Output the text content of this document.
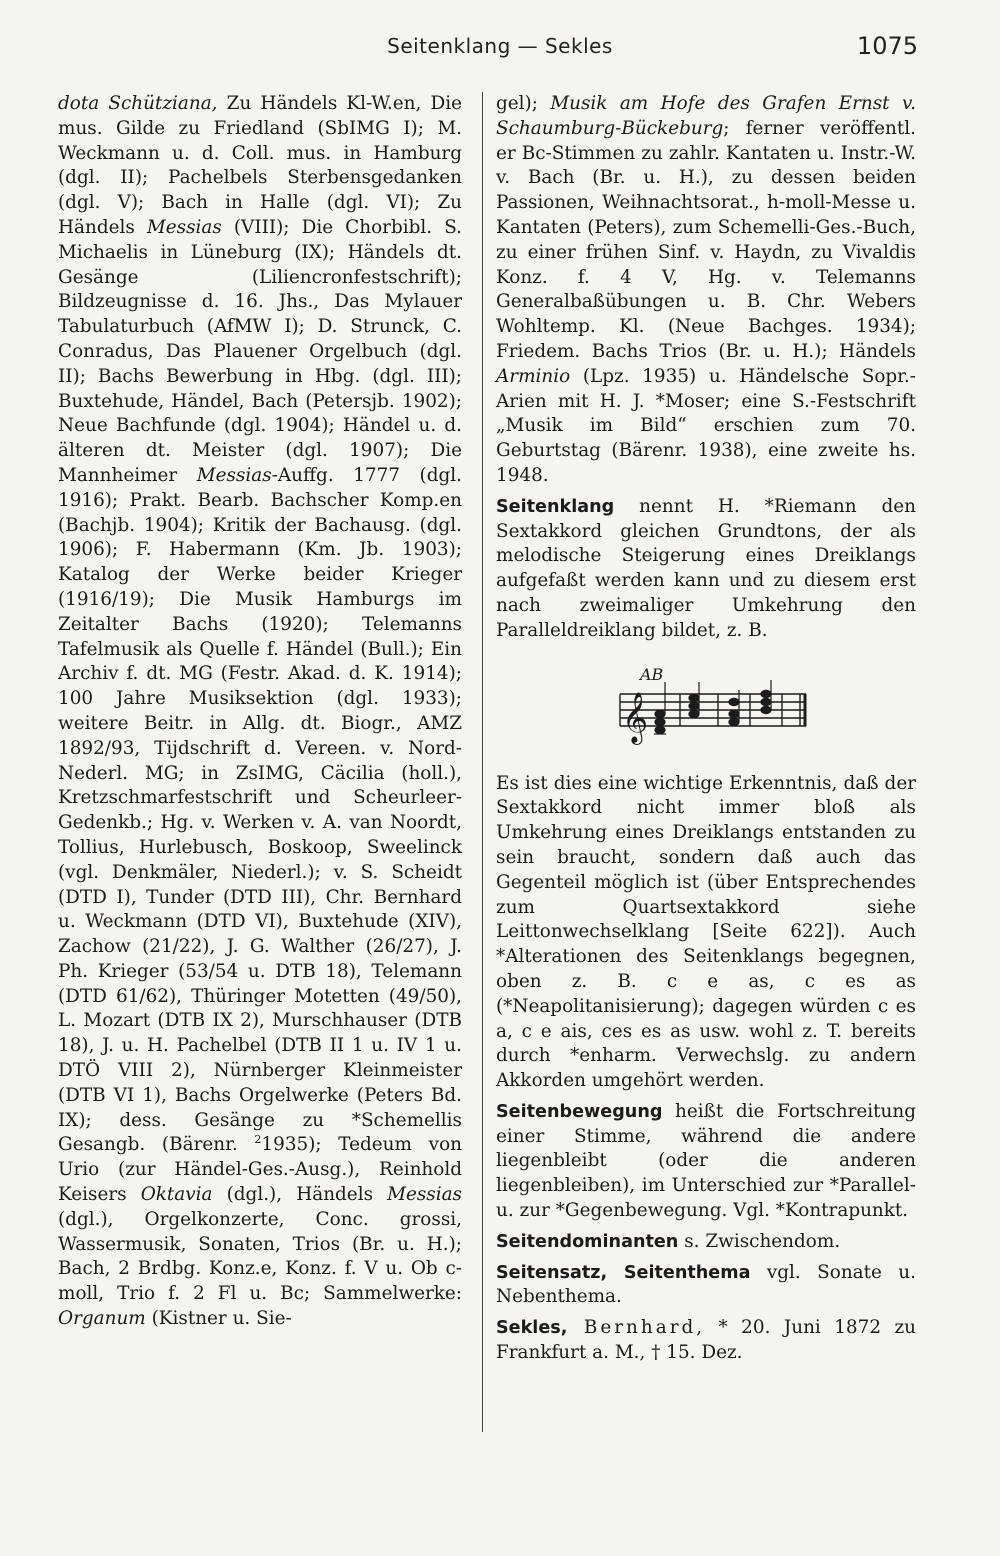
Seitenklang — Sekles	1075

dota Schütziana, Zu Händels Kl-W.en, Die mus. Gilde zu Friedland (SbIMG I); M. Weckmann u. d. Coll. mus. in Hamburg (dgl. II); Pachelbels Sterbensgedanken (dgl. V); Bach in Halle (dgl. VI); Zu Händels Messias (VIII); Die Chorbibl. S. Michaelis in Lüneburg (IX); Händels dt. Gesänge (Liliencronfestschrift); Bildzeugnisse d. 16. Jhs., Das Mylauer Tabulaturbuch (AfMW I); D. Strunck, C. Conradus, Das Plauener Orgelbuch (dgl. II); Bachs Bewerbung in Hbg. (dgl. III); Buxtehude, Händel, Bach (Petersjb. 1902); Neue Bachfunde (dgl. 1904); Händel u. d. älteren dt. Meister (dgl. 1907); Die Mannheimer Messias-Auffg. 1777 (dgl. 1916); Prakt. Bearb. Bachscher Komp.en (Bachjb. 1904); Kritik der Bachausg. (dgl. 1906); F. Habermann (Km. Jb. 1903); Katalog der Werke beider Krieger (1916/19); Die Musik Hamburgs im Zeitalter Bachs (1920); Telemanns Tafelmusik als Quelle f. Händel (Bull.); Ein Archiv f. dt. MG (Festr. Akad. d. K. 1914); 100 Jahre Musiksektion (dgl. 1933); weitere Beitr. in Allg. dt. Biogr., AMZ 1892/93, Tijdschrift d. Vereen. v. Nord-Nederl. MG; in ZsIMG, Cäcilia (holl.), Kretzschmarfestschrift und Scheurleer-Gedenkb.; Hg. v. Werken v. A. van Noordt, Tollius, Hurlebusch, Boskoop, Sweelinck (vgl. Denkmäler, Niederl.); v. S. Scheidt (DTD I), Tunder (DTD III), Chr. Bernhard u. Weckmann (DTD VI), Buxtehude (XIV), Zachow (21/22), J. G. Walther (26/27), J. Ph. Krieger (53/54 u. DTB 18), Telemann (DTD 61/62), Thüringer Motetten (49/50), L. Mozart (DTB IX 2), Murschhauser (DTB 18), J. u. H. Pachelbel (DTB II 1 u. IV 1 u. DTÖ VIII 2), Nürnberger Kleinmeister (DTB VI 1), Bachs Orgelwerke (Peters Bd. IX); dess. Gesänge zu *Schemellis Gesangb. (Bärenr. $^2$1935); Tedeum von Urio (zur Händel-Ges.-Ausg.), Reinhold Keisers Oktavia (dgl.), Händels Messias (dgl.), Orgelkonzerte, Conc. grossi, Wassermusik, Sonaten, Trios (Br. u. H.); Bach, 2 Brdbg. Konz.e, Konz. f. V u. Ob c-moll, Trio f. 2 Fl u. Bc; Sammelwerke: Organum (Kistner u. Sie-

gel); Musik am Hofe des Grafen Ernst v. Schaumburg-Bückeburg; ferner veröffentl. er Bc-Stimmen zu zahlr. Kantaten u. Instr.-W. v. Bach (Br. u. H.), zu dessen beiden Passionen, Weihnachtsorat., h-moll-Messe u. Kantaten (Peters), zum Schemelli-Ges.-Buch, zu einer frühen Sinf. v. Haydn, zu Vivaldis Konz. f. 4 V, Hg. v. Telemanns Generalbaßübungen u. B. Chr. Webers Wohltemp. Kl. (Neue Bachges. 1934); Friedem. Bachs Trios (Br. u. H.); Händels Arminio (Lpz. 1935) u. Händelsche Sopr.-Arien mit H. J. *Moser; eine S.-Festschrift „Musik im Bild“ erschien zum 70. Geburtstag (Bärenr. 1938), eine zweite hs. 1948.

Seitenklang nennt H. *Riemann den Sextakkord gleichen Grundtons, der als melodische Steigerung eines Dreiklangs aufgefaßt werden kann und zu diesem erst nach zweimaliger Umkehrung den Paralleldreiklang bildet, z. B.

AB
𝄞

Es ist dies eine wichtige Erkenntnis, daß der Sextakkord nicht immer bloß als Umkehrung eines Dreiklangs entstanden zu sein braucht, sondern daß auch das Gegenteil möglich ist (über Entsprechendes zum Quartsextakkord siehe Leittonwechselklang [Seite 622]). Auch *Alterationen des Seitenklangs begegnen, oben z. B. c e as, c es as (*Neapolitanisierung); dagegen würden c es a, c e ais, ces es as usw. wohl z. T. bereits durch *enharm. Verwechslg. zu andern Akkorden umgehört werden.

Seitenbewegung heißt die Fortschreitung einer Stimme, während die andere liegenbleibt (oder die anderen liegenbleiben), im Unterschied zur *Parallel- u. zur *Gegenbewegung. Vgl. *Kontrapunkt.

Seitendominanten s. Zwischendom.

Seitensatz, Seitenthema vgl. Sonate u. Nebenthema.

Sekles, Bernhard, * 20. Juni 1872 zu Frankfurt a. M., † 15. Dez.
